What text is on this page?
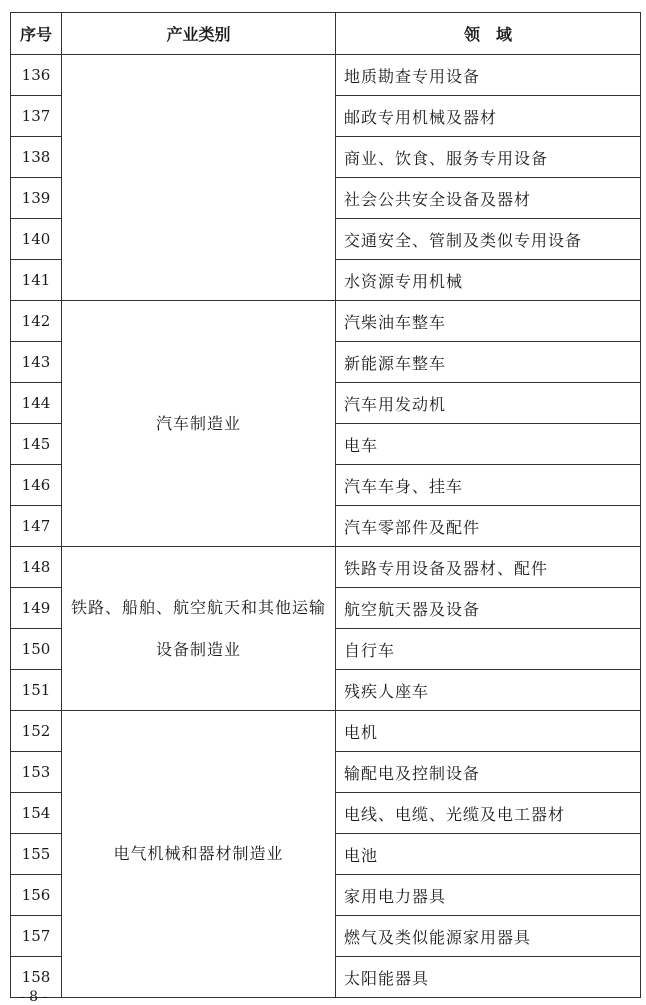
序号	产业类别	领　域
136		地质勘查专用设备
137		邮政专用机械及器材
138		商业、饮食、服务专用设备
139		社会公共安全设备及器材
140		交通安全、管制及类似专用设备
141		水资源专用机械
142	汽车制造业	汽柴油车整车
143		新能源车整车
144		汽车用发动机
145		电车
146		汽车车身、挂车
147		汽车零部件及配件
148	铁路、船舶、航空航天和其他运输设备制造业	铁路专用设备及器材、配件
149		航空航天器及设备
150		自行车
151		残疾人座车
152	电气机械和器材制造业	电机
153		输配电及控制设备
154		电线、电缆、光缆及电工器材
155		电池
156		家用电力器具
157		燃气及类似能源家用器具
158		太阳能器具
- 8 -
